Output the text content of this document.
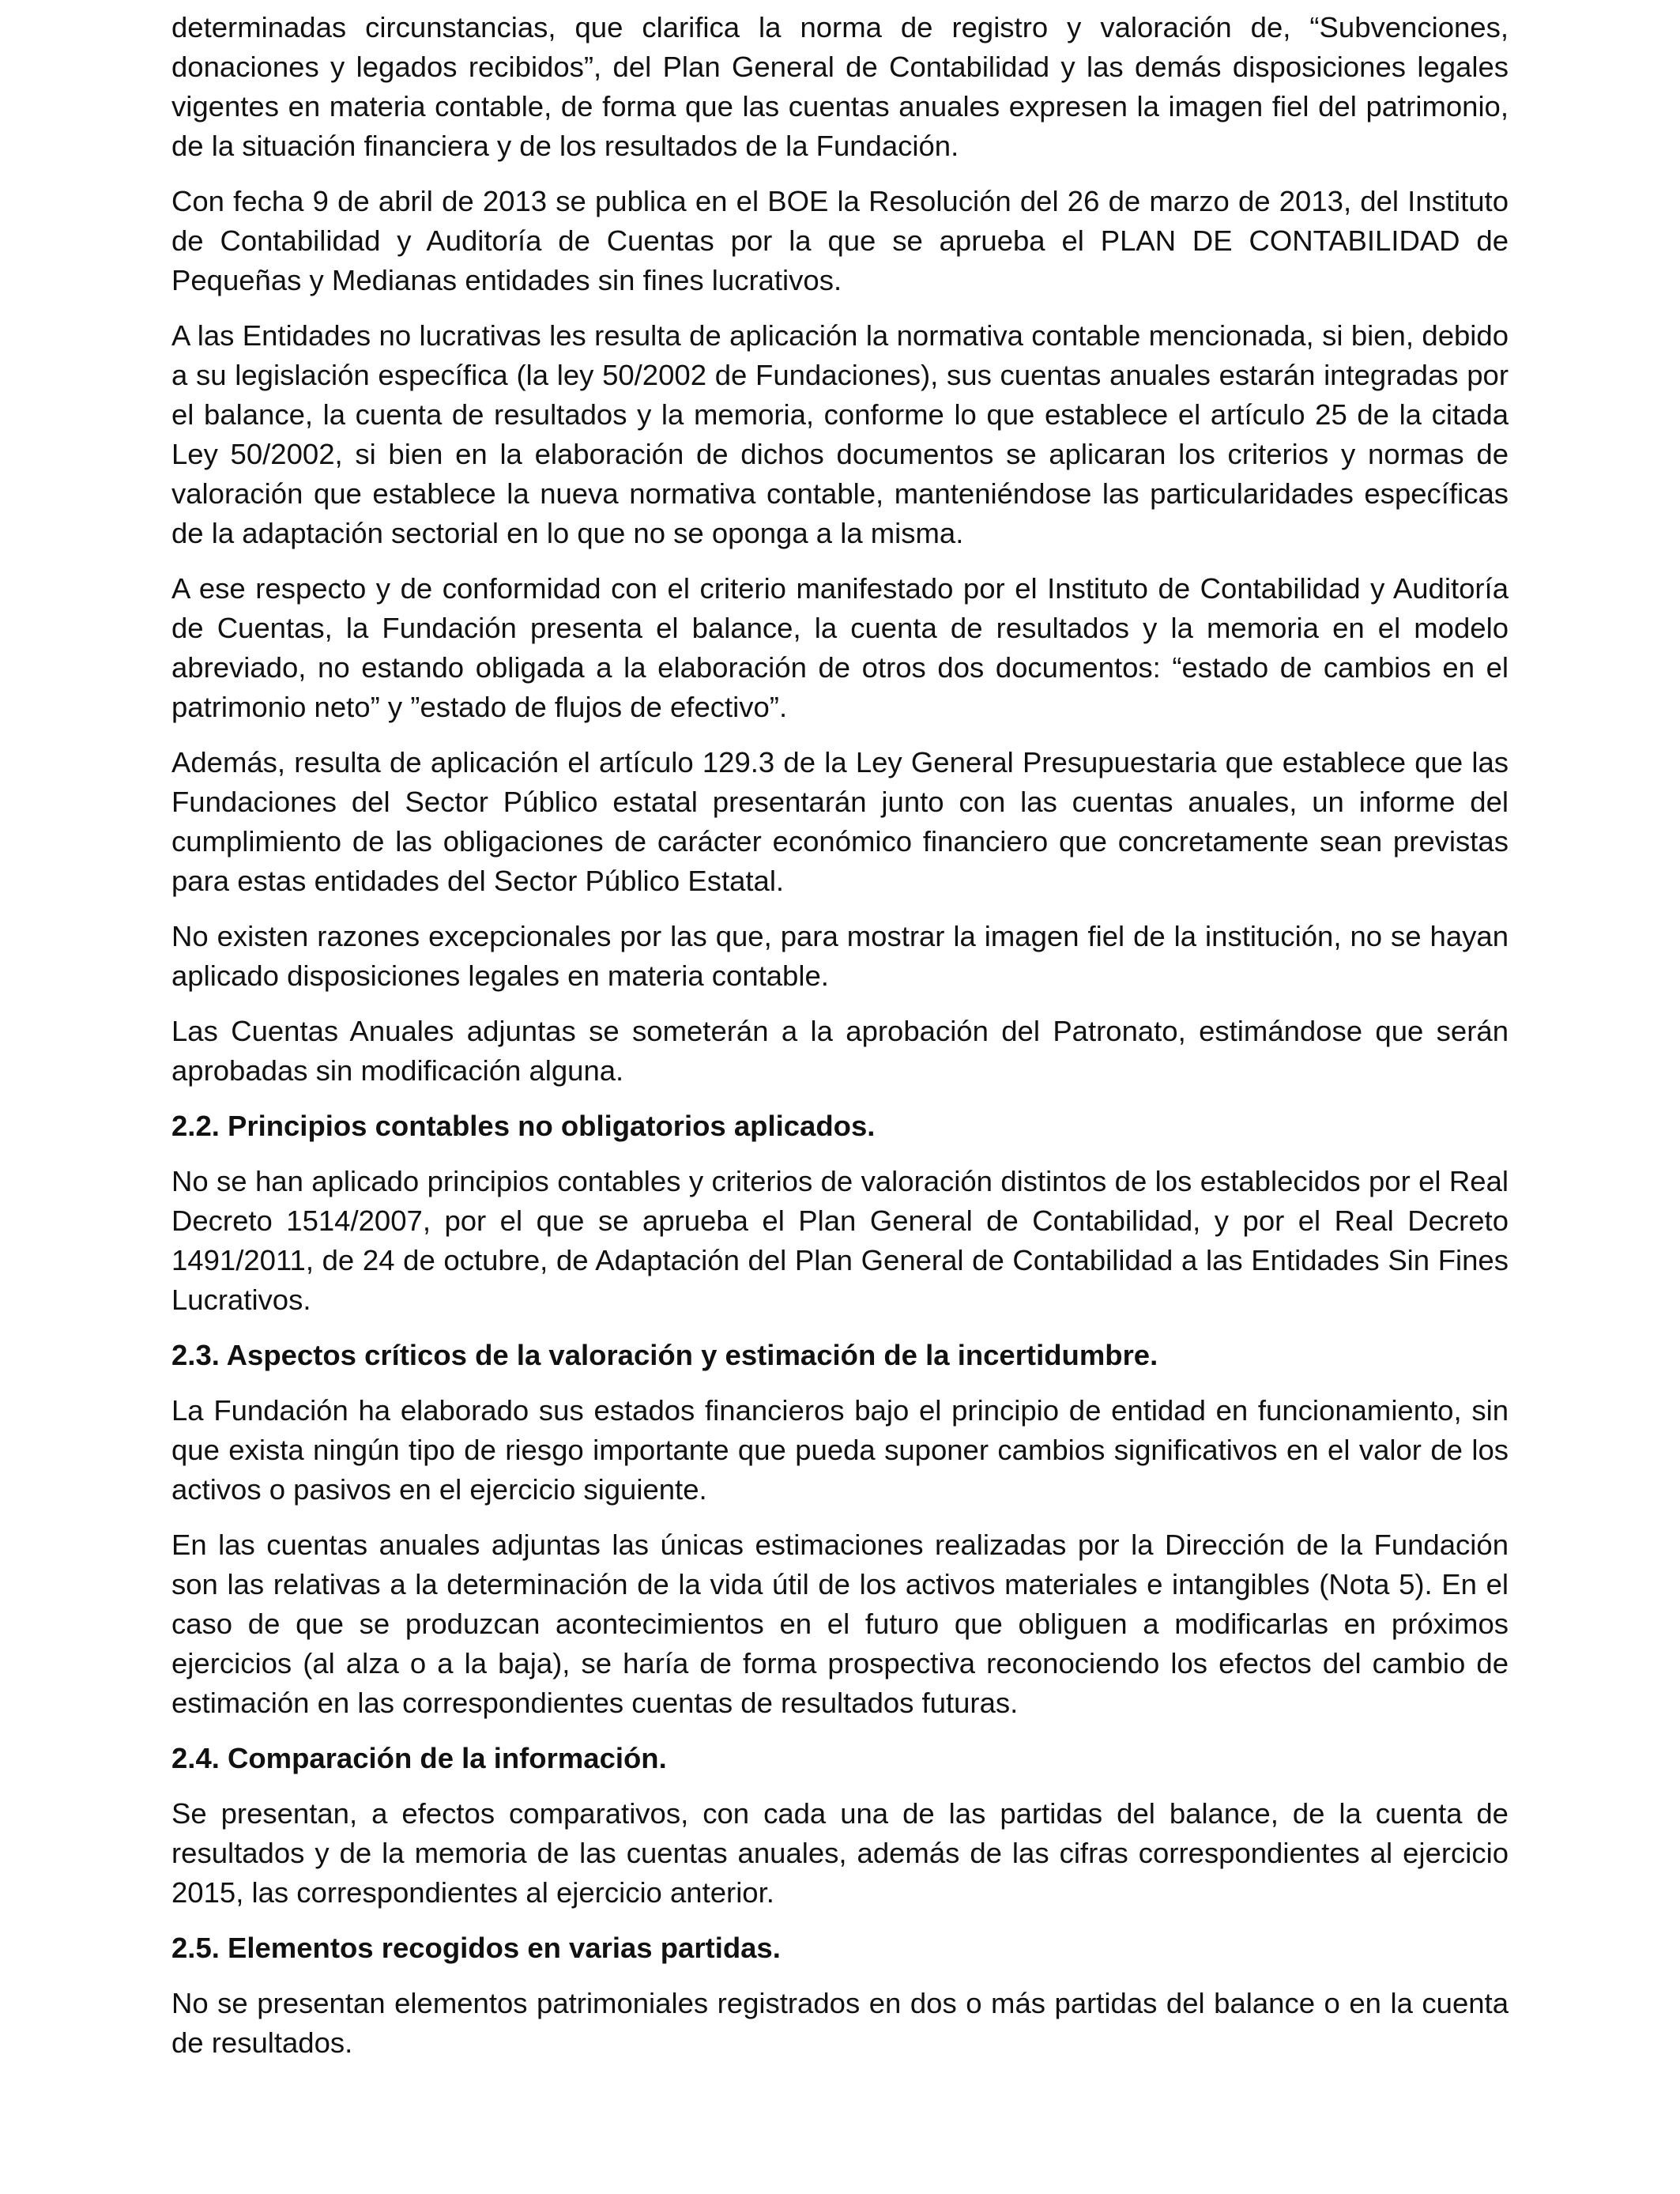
determinadas circunstancias, que clarifica la norma de registro y valoración de, “Subvenciones, donaciones y legados recibidos”, del Plan General de Contabilidad y las demás disposiciones legales vigentes en materia contable, de forma que las cuentas anuales expresen la imagen fiel del patrimonio, de la situación financiera y de los resultados de la Fundación.

Con fecha 9 de abril de 2013 se publica en el BOE la Resolución del 26 de marzo de 2013, del Instituto de Contabilidad y Auditoría de Cuentas por la que se aprueba el PLAN DE CONTABILIDAD de Pequeñas y Medianas entidades sin fines lucrativos.

A las Entidades no lucrativas les resulta de aplicación la normativa contable mencionada, si bien, debido a su legislación específica (la ley 50/2002 de Fundaciones), sus cuentas anuales estarán integradas por el balance, la cuenta de resultados y la memoria, conforme lo que establece el artículo 25 de la citada Ley 50/2002, si bien en la elaboración de dichos documentos se aplicaran los criterios y normas de valoración que establece la nueva normativa contable, manteniéndose las particularidades específicas de la adaptación sectorial en lo que no se oponga a la misma.

A ese respecto y de conformidad con el criterio manifestado por el Instituto de Contabilidad y Auditoría de Cuentas, la Fundación presenta el balance, la cuenta de resultados y la memoria en el modelo abreviado, no estando obligada a la elaboración de otros dos documentos: “estado de cambios en el patrimonio neto” y ”estado de flujos de efectivo”.

Además, resulta de aplicación el artículo 129.3 de la Ley General Presupuestaria que establece que las Fundaciones del Sector Público estatal presentarán junto con las cuentas anuales, un informe del cumplimiento de las obligaciones de carácter económico financiero que concretamente sean previstas para estas entidades del Sector Público Estatal.

No existen razones excepcionales por las que, para mostrar la imagen fiel de la institución, no se hayan aplicado disposiciones legales en materia contable.

Las Cuentas Anuales adjuntas se someterán a la aprobación del Patronato, estimándose que serán aprobadas sin modificación alguna.

2.2. Principios contables no obligatorios aplicados.

No se han aplicado principios contables y criterios de valoración distintos de los establecidos por el Real Decreto 1514/2007, por el que se aprueba el Plan General de Contabilidad, y por el Real Decreto 1491/2011, de 24 de octubre, de Adaptación del Plan General de Contabilidad a las Entidades Sin Fines Lucrativos.

2.3. Aspectos críticos de la valoración y estimación de la incertidumbre.

La Fundación ha elaborado sus estados financieros bajo el principio de entidad en funcionamiento, sin que exista ningún tipo de riesgo importante que pueda suponer cambios significativos en el valor de los activos o pasivos en el ejercicio siguiente.

En las cuentas anuales adjuntas las únicas estimaciones realizadas por la Dirección de la Fundación son las relativas a la determinación de la vida útil de los activos materiales e intangibles (Nota 5). En el caso de que se produzcan acontecimientos en el futuro que obliguen a modificarlas en próximos ejercicios (al alza o a la baja), se haría de forma prospectiva reconociendo los efectos del cambio de estimación en las correspondientes cuentas de resultados futuras.

2.4. Comparación de la información.

Se presentan, a efectos comparativos, con cada una de las partidas del balance, de la cuenta de resultados y de la memoria de las cuentas anuales, además de las cifras correspondientes al ejercicio 2015, las correspondientes al ejercicio anterior.

2.5. Elementos recogidos en varias partidas.

No se presentan elementos patrimoniales registrados en dos o más partidas del balance o en la cuenta de resultados.
